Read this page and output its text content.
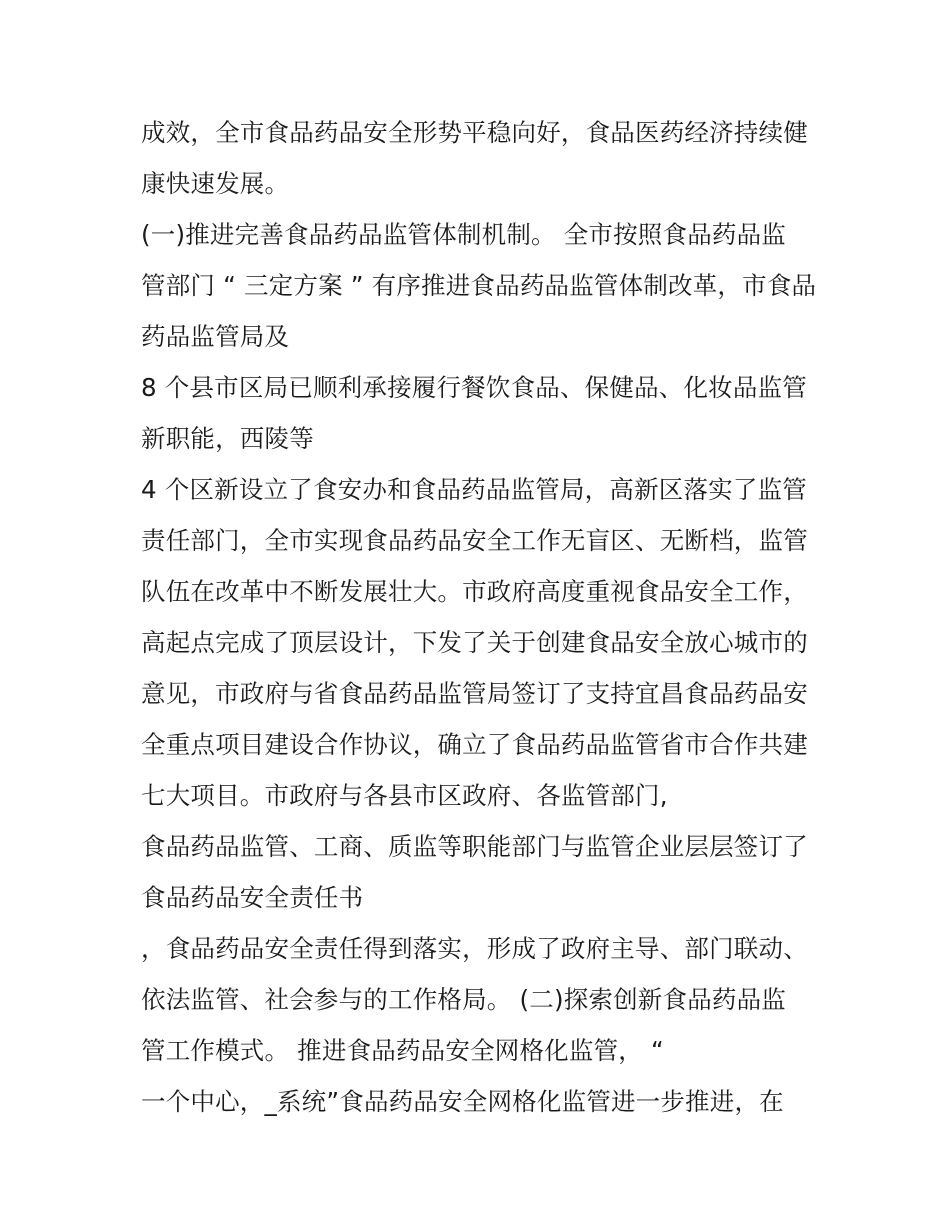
成效，全市食品药品安全形势平稳向好，食品医药经济持续健
康快速发展。
(一)推进完善食品药品监管体制机制。 全市按照食品药品监
管部门 “ 三定方案 ” 有序推进食品药品监管体制改革，市食品
药品监管局及
8 个县市区局已顺利承接履行餐饮食品、保健品、化妆品监管
新职能，西陵等
4 个区新设立了食安办和食品药品监管局，高新区落实了监管
责任部门，全市实现食品药品安全工作无盲区、无断档，监管
队伍在改革中不断发展壮大。市政府高度重视食品安全工作，
高起点完成了顶层设计，下发了关于创建食品安全放心城市的
意见，市政府与省食品药品监管局签订了支持宜昌食品药品安
全重点项目建设合作协议，确立了食品药品监管省市合作共建
七大项目。市政府与各县市区政府、各监管部门,
食品药品监管、工商、质监等职能部门与监管企业层层签订了
食品药品安全责任书
，食品药品安全责任得到落实，形成了政府主导、部门联动、
依法监管、社会参与的工作格局。 (二)探索创新食品药品监
管工作模式。 推进食品药品安全网格化监管， “
一个中心，_系统”食品药品安全网格化监管进一步推进，在
